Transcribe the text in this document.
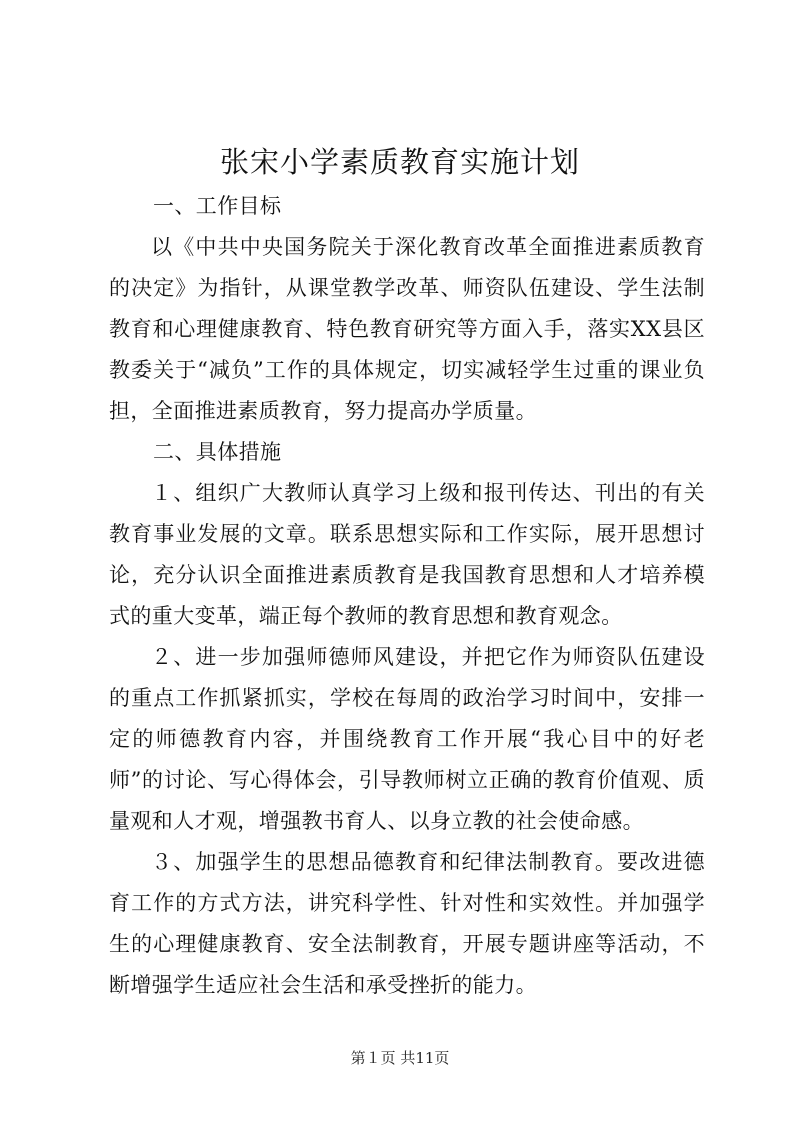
张宋小学素质教育实施计划

一、工作目标

以《中共中央国务院关于深化教育改革全面推进素质教育的决定》为指针，从课堂教学改革、师资队伍建设、学生法制教育和心理健康教育、特色教育研究等方面入手，落实XX县区教委关于“减负”工作的具体规定，切实减轻学生过重的课业负担，全面推进素质教育，努力提高办学质量。

二、具体措施

１、组织广大教师认真学习上级和报刊传达、刊出的有关教育事业发展的文章。联系思想实际和工作实际，展开思想讨论，充分认识全面推进素质教育是我国教育思想和人才培养模式的重大变革，端正每个教师的教育思想和教育观念。

２、进一步加强师德师风建设，并把它作为师资队伍建设的重点工作抓紧抓实，学校在每周的政治学习时间中，安排一定的师德教育内容，并围绕教育工作开展“我心目中的好老师”的讨论、写心得体会，引导教师树立正确的教育价值观、质量观和人才观，增强教书育人、以身立教的社会使命感。

３、加强学生的思想品德教育和纪律法制教育。要改进德育工作的方式方法，讲究科学性、针对性和实效性。并加强学生的心理健康教育、安全法制教育，开展专题讲座等活动，不断增强学生适应社会生活和承受挫折的能力。

第１页 共11页
